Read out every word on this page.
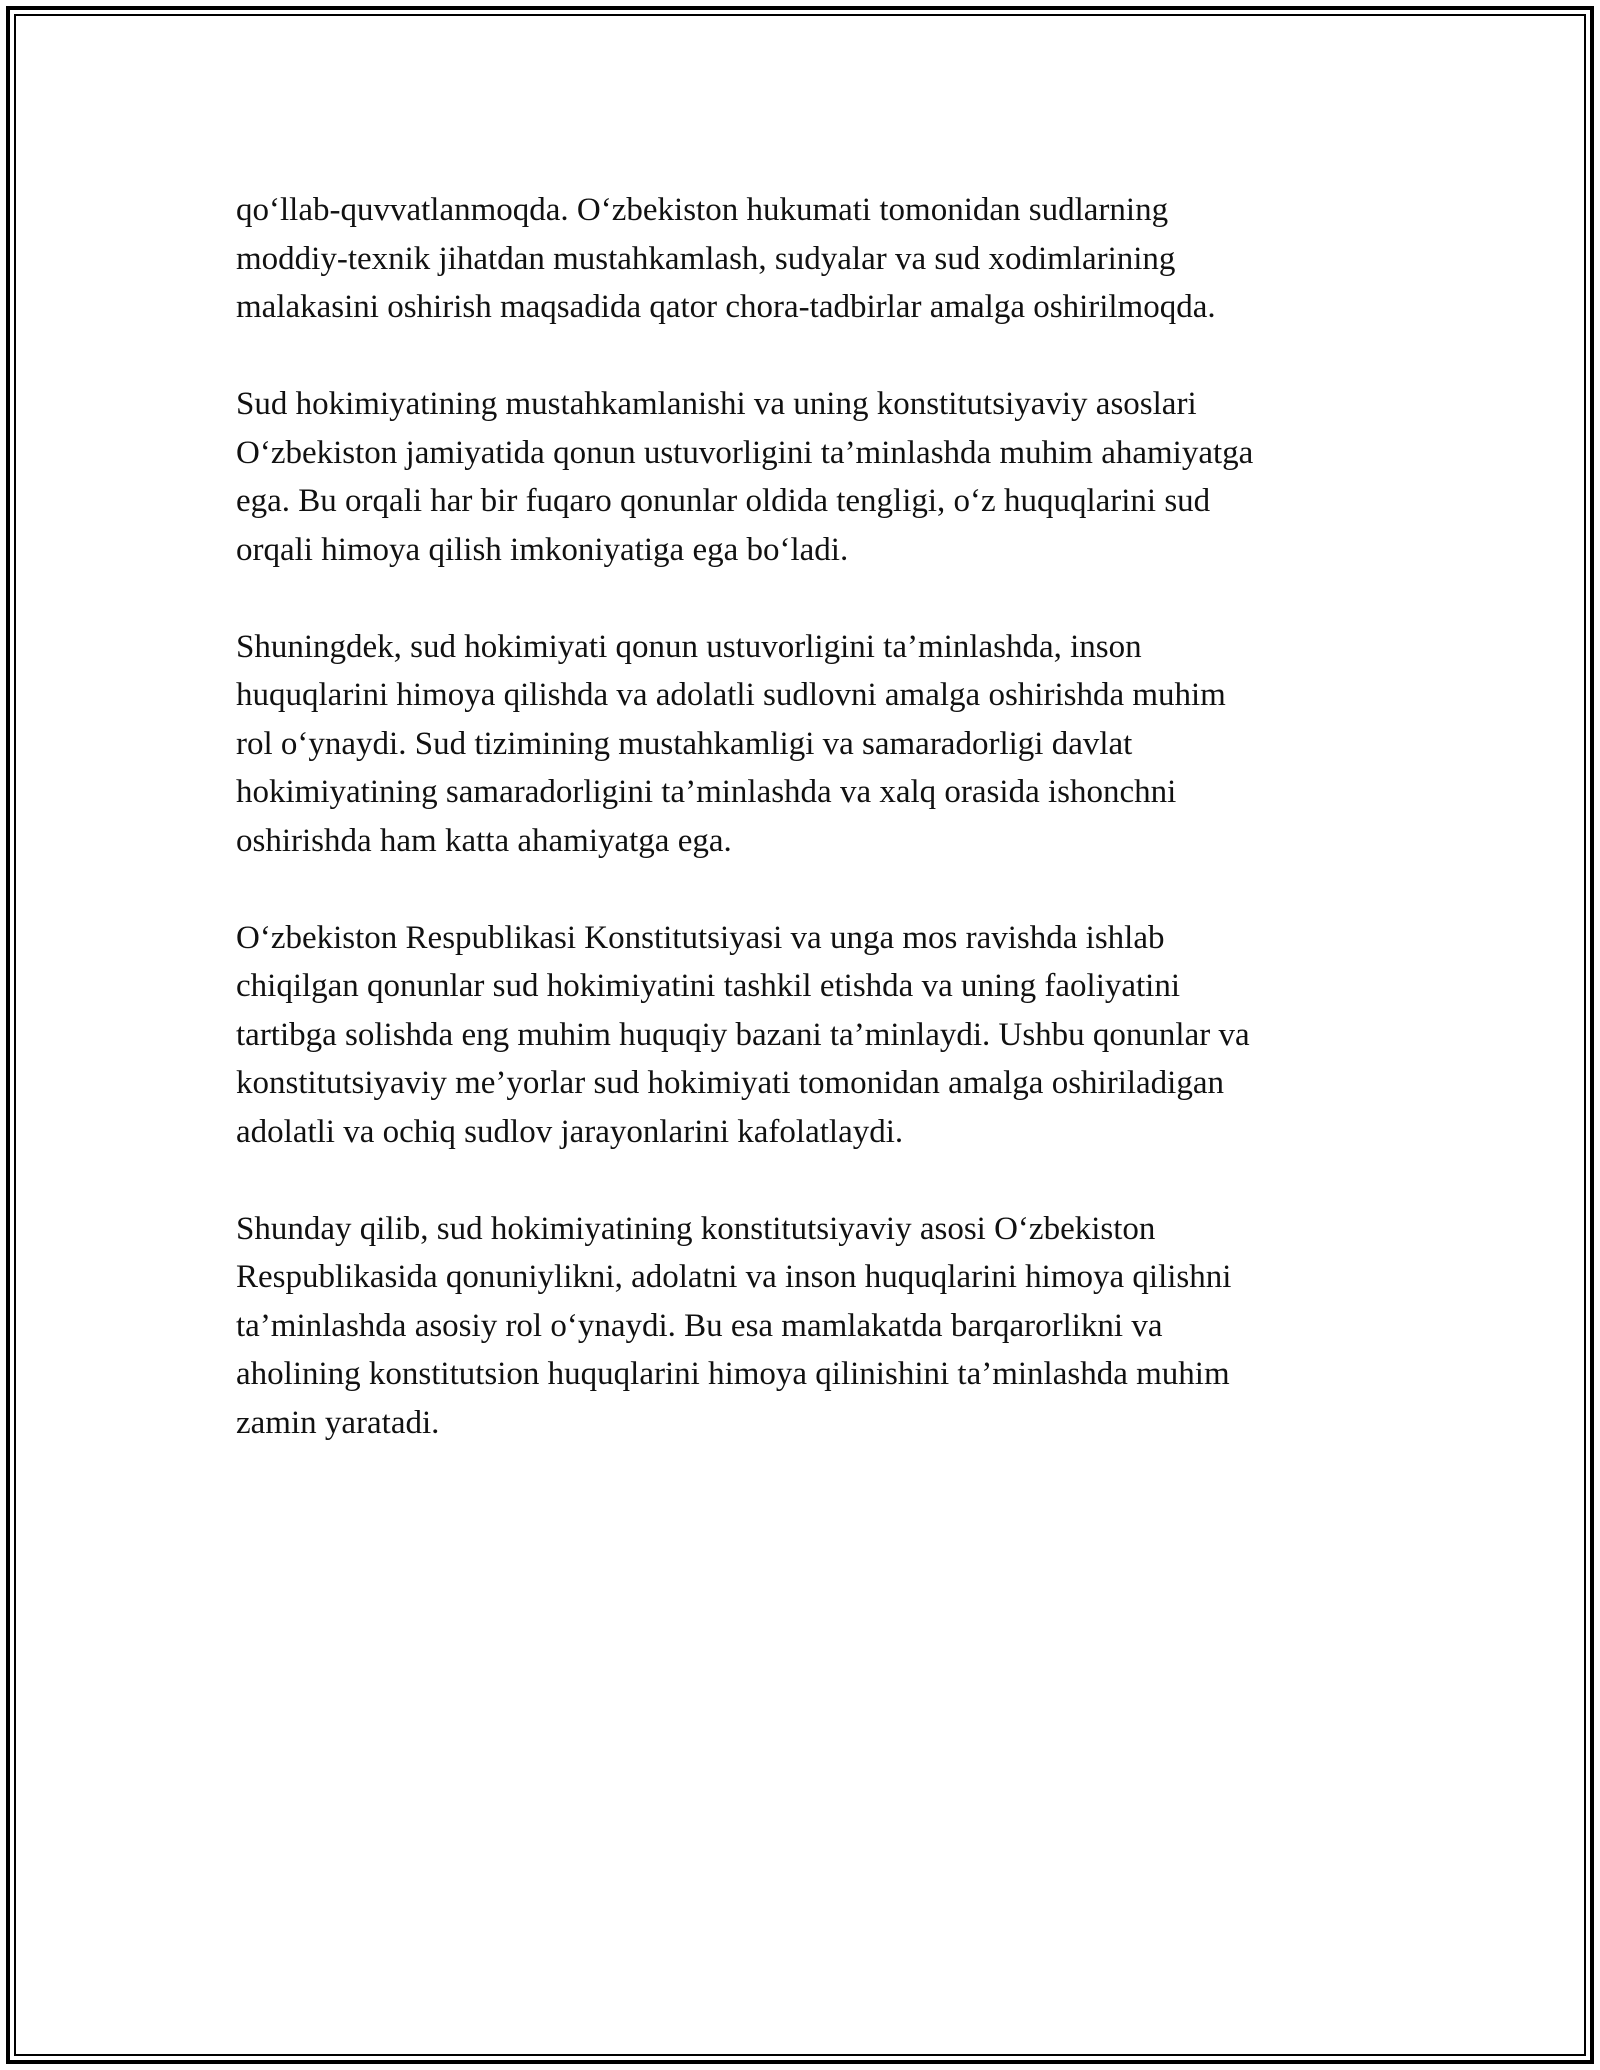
qo‘llab-quvvatlanmoqda. O‘zbekiston hukumati tomonidan sudlarning
moddiy-texnik jihatdan mustahkamlash, sudyalar va sud xodimlarining
malakasini oshirish maqsadida qator chora-tadbirlar amalga oshirilmoqda.

Sud hokimiyatining mustahkamlanishi va uning konstitutsiyaviy asoslari
O‘zbekiston jamiyatida qonun ustuvorligini ta’minlashda muhim ahamiyatga
ega. Bu orqali har bir fuqaro qonunlar oldida tengligi, o‘z huquqlarini sud
orqali himoya qilish imkoniyatiga ega bo‘ladi.

Shuningdek, sud hokimiyati qonun ustuvorligini ta’minlashda, inson
huquqlarini himoya qilishda va adolatli sudlovni amalga oshirishda muhim
rol o‘ynaydi. Sud tizimining mustahkamligi va samaradorligi davlat
hokimiyatining samaradorligini ta’minlashda va xalq orasida ishonchni
oshirishda ham katta ahamiyatga ega.

O‘zbekiston Respublikasi Konstitutsiyasi va unga mos ravishda ishlab
chiqilgan qonunlar sud hokimiyatini tashkil etishda va uning faoliyatini
tartibga solishda eng muhim huquqiy bazani ta’minlaydi. Ushbu qonunlar va
konstitutsiyaviy me’yorlar sud hokimiyati tomonidan amalga oshiriladigan
adolatli va ochiq sudlov jarayonlarini kafolatlaydi.

Shunday qilib, sud hokimiyatining konstitutsiyaviy asosi O‘zbekiston
Respublikasida qonuniylikni, adolatni va inson huquqlarini himoya qilishni
ta’minlashda asosiy rol o‘ynaydi. Bu esa mamlakatda barqarorlikni va
aholining konstitutsion huquqlarini himoya qilinishini ta’minlashda muhim
zamin yaratadi.
